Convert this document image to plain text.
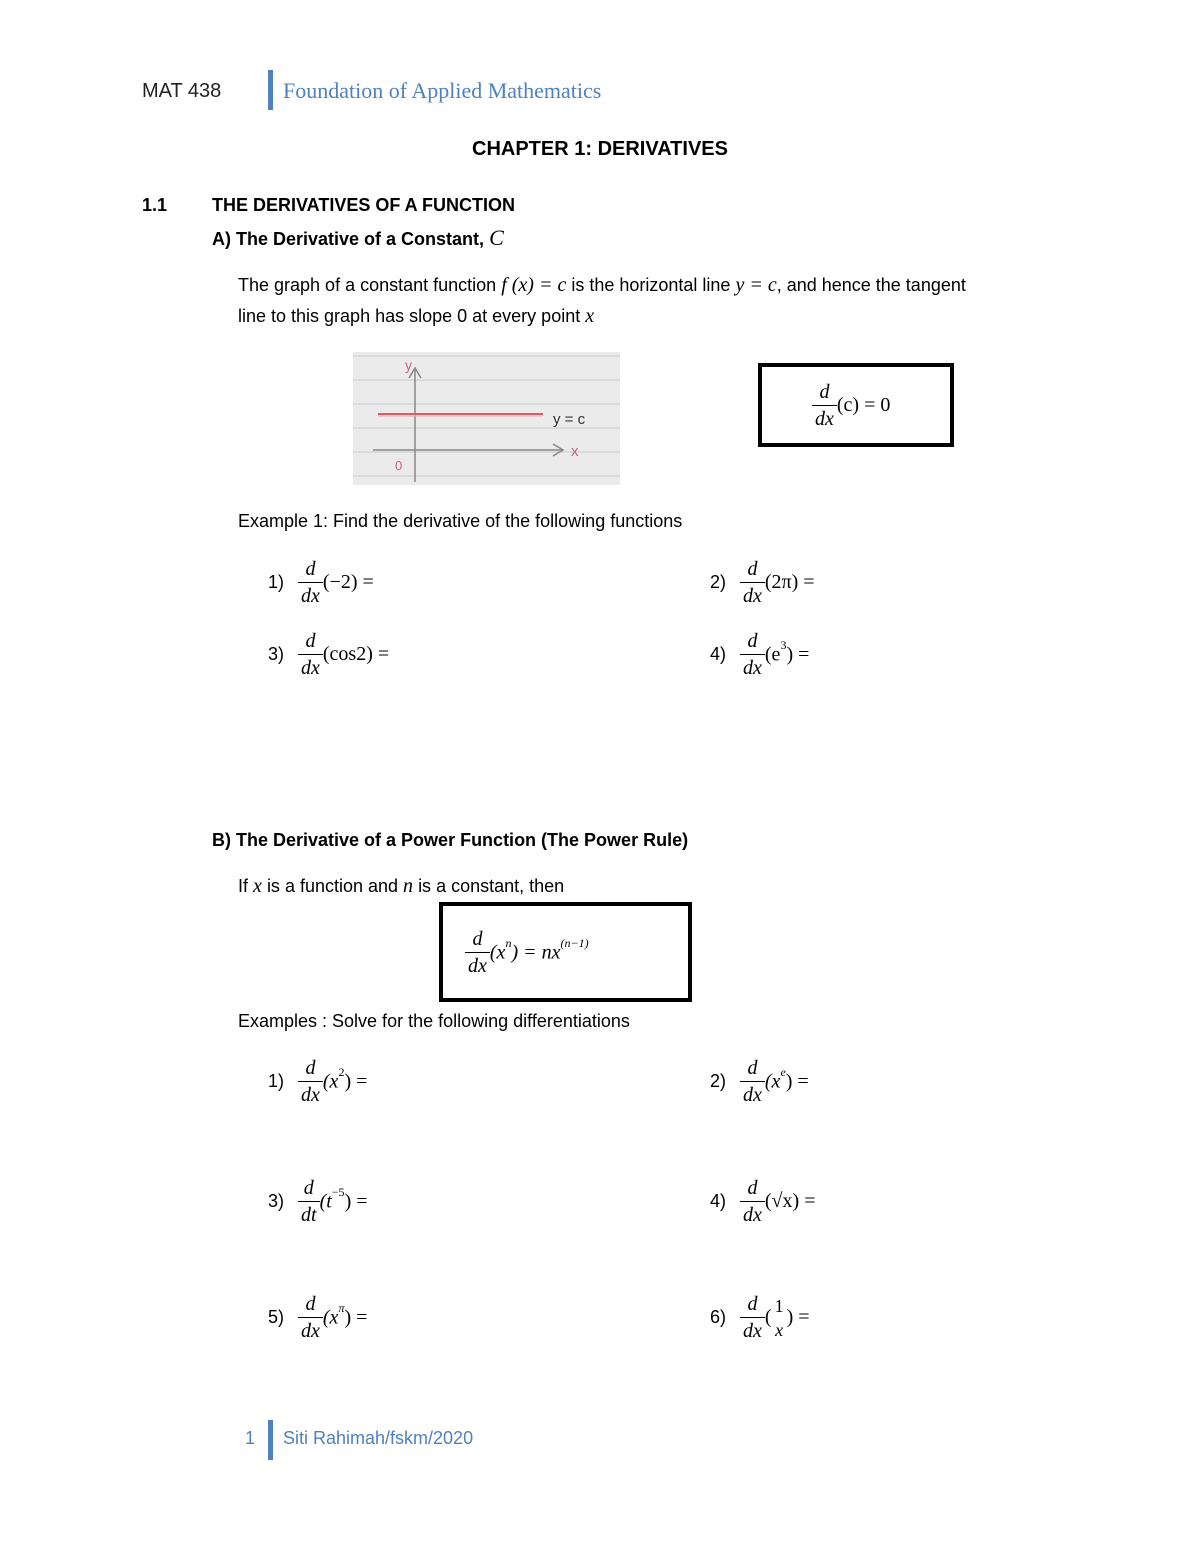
MAT 438	Foundation of Applied Mathematics
CHAPTER 1: DERIVATIVES
1.1 THE DERIVATIVES OF A FUNCTION
A) The Derivative of a Constant, C
The graph of a constant function f (x) = c is the horizontal line y = c, and hence the tangent
line to this graph has slope 0 at every point x
y
y = c
x
0
$\frac{d}{dx} (c) = 0$
Example 1: Find the derivative of the following functions
$1) \frac{d}{dx} (-2)$ =	$2) \frac{d}{dx} (2\pi)$ =
$3) \frac{d}{dx} (\cos 2)$ =	$4) \frac{d}{dx} (e^3)$ =
B) The Derivative of a Power Function (The Power Rule)
If x is a function and n is a constant, then
$\frac{d}{dx} (x^n) = nx^{(n-1)}$
Examples : Solve for the following differentiations
$1) \frac{d}{dx} (x^2)$ =	$2) \frac{d}{dx} (x^e)$ =
$3) \frac{d}{dt} (t^{-5})$ =	$4) \frac{d}{dx} (√x)$ =
$5) \frac{d}{dx} (x^\pi)$ =	$6) \frac{d}{dx}$ (
1
x
) =
1 Siti Rahimah/fskm/2020
